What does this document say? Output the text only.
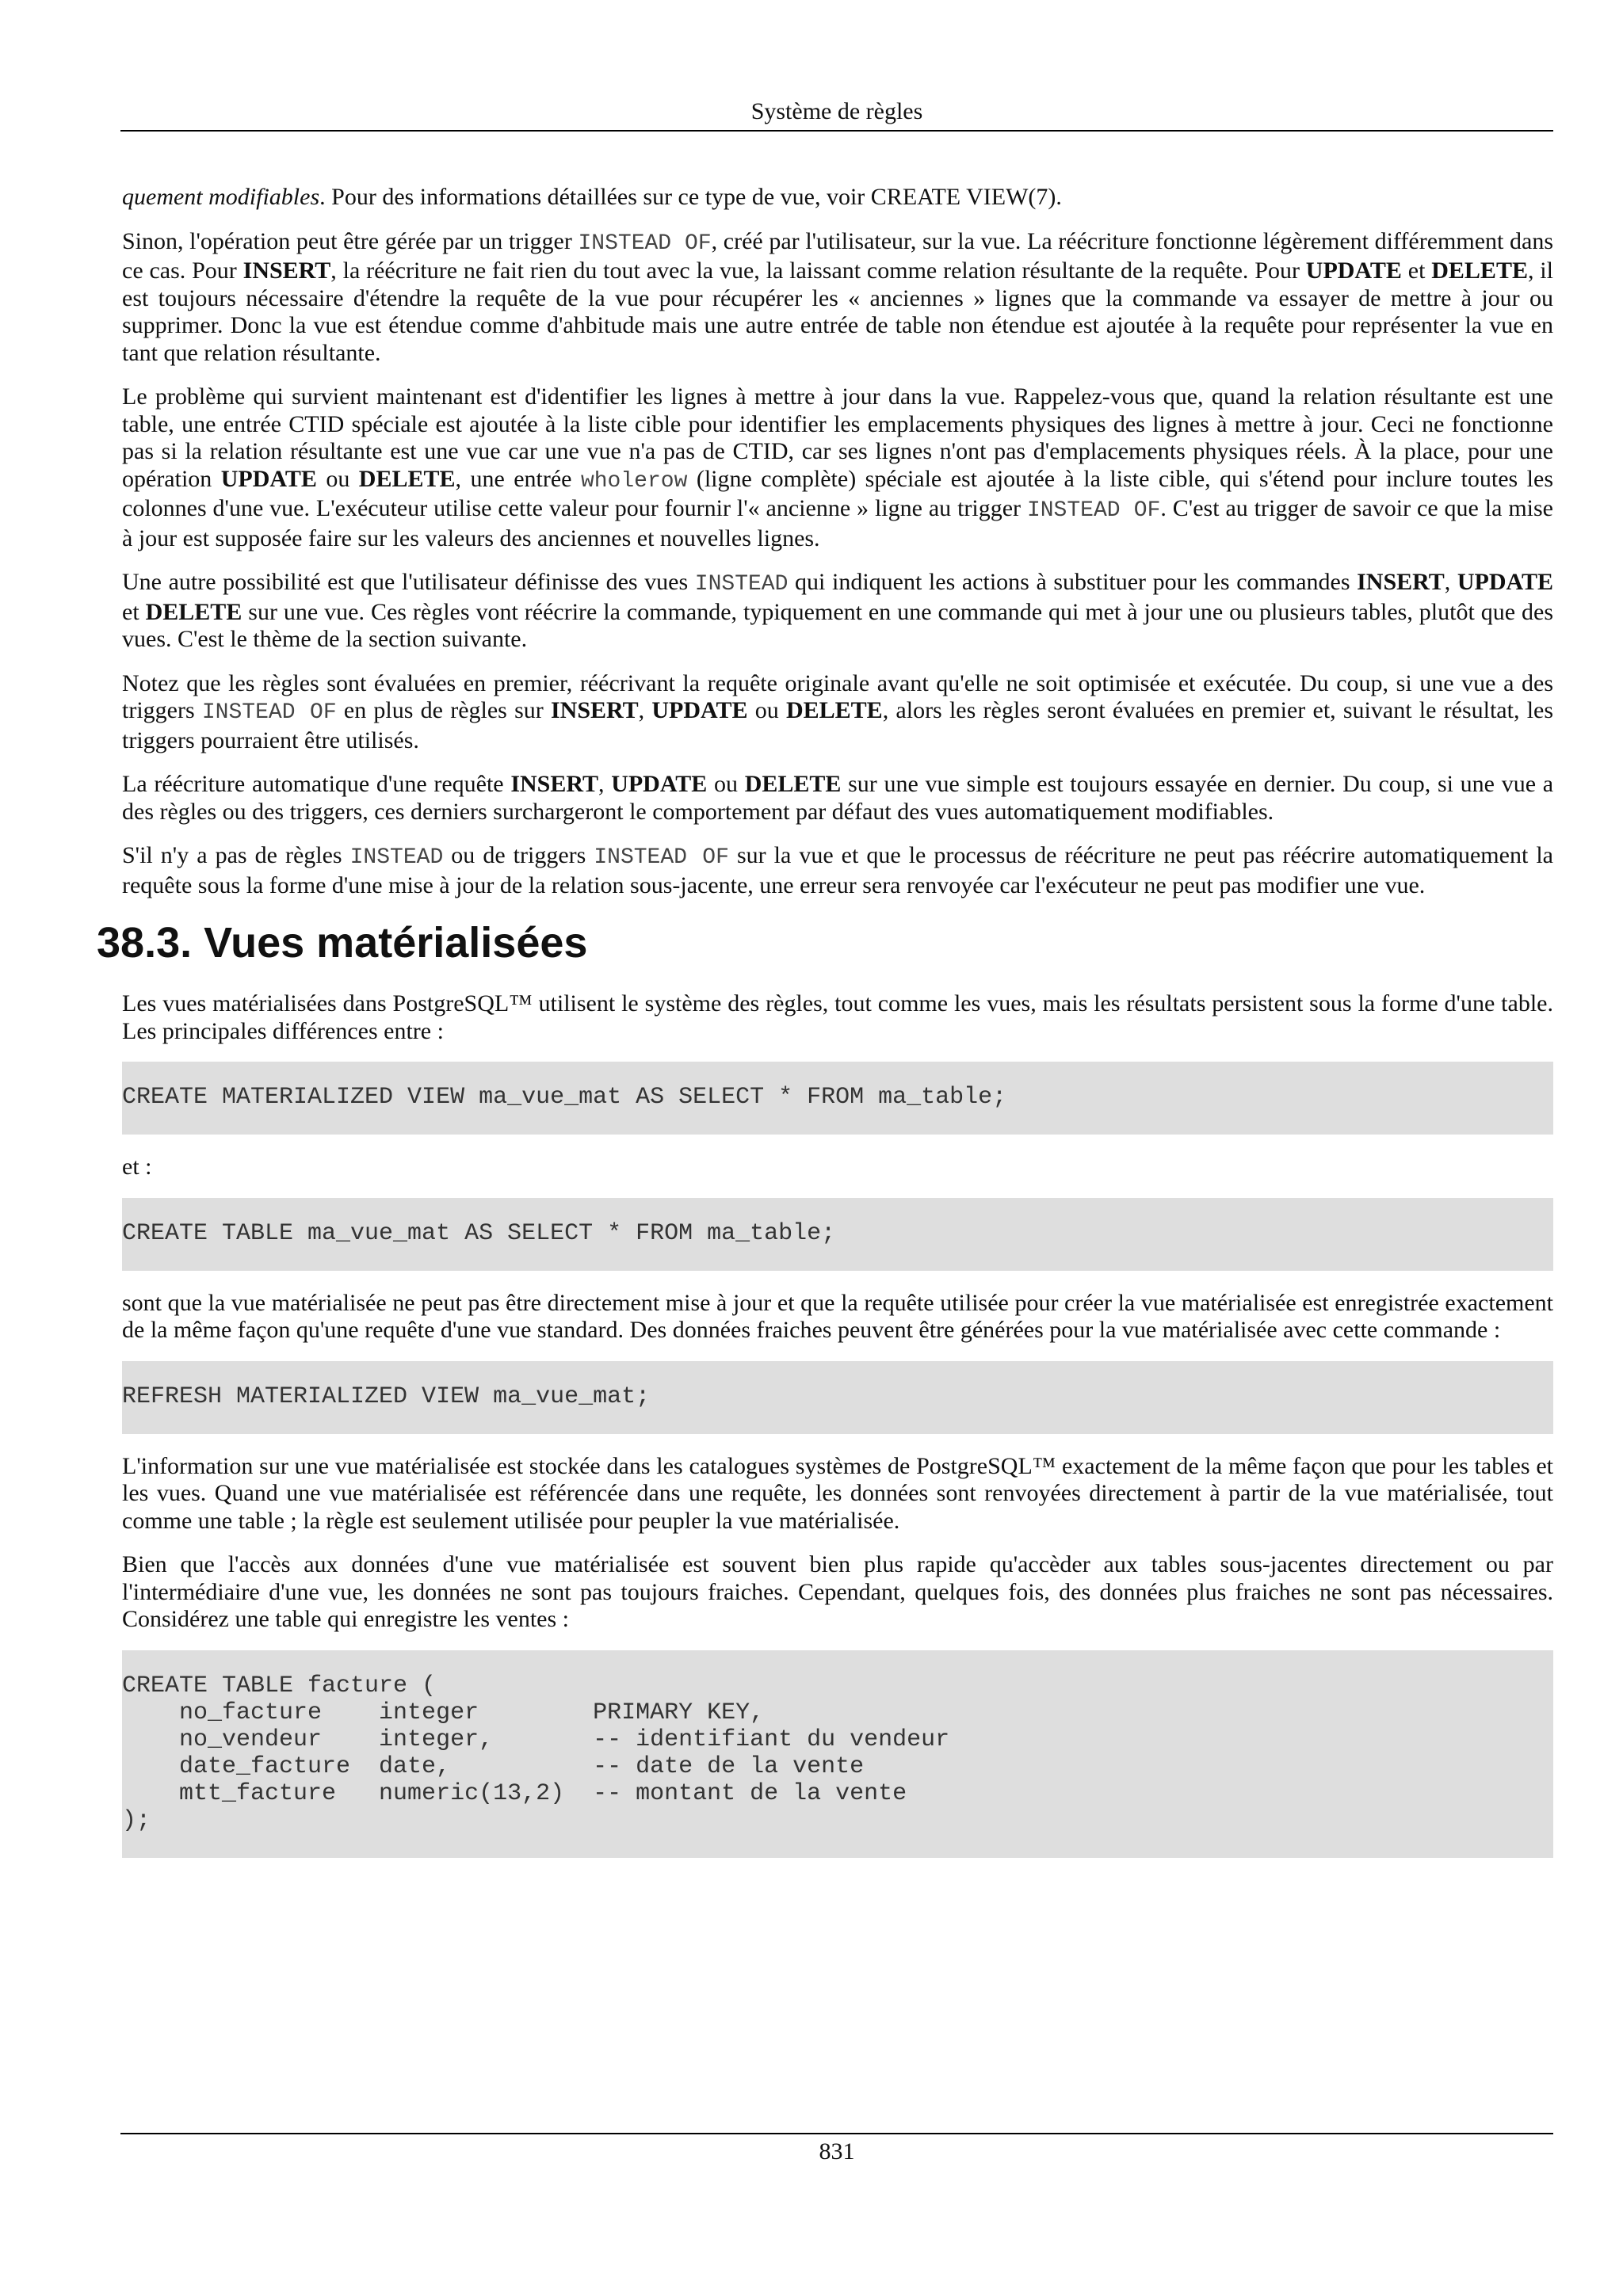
Système de règles

quement modifiables. Pour des informations détaillées sur ce type de vue, voir CREATE VIEW(7).

Sinon, l'opération peut être gérée par un trigger INSTEAD OF, créé par l'utilisateur, sur la vue. La réécriture fonctionne légèrement différemment dans ce cas. Pour INSERT, la réécriture ne fait rien du tout avec la vue, la laissant comme relation résultante de la requête. Pour UPDATE et DELETE, il est toujours nécessaire d'étendre la requête de la vue pour récupérer les « anciennes » lignes que la commande va essayer de mettre à jour ou supprimer. Donc la vue est étendue comme d'ahbitude mais une autre entrée de table non étendue est ajoutée à la requête pour représenter la vue en tant que relation résultante.

Le problème qui survient maintenant est d'identifier les lignes à mettre à jour dans la vue. Rappelez-vous que, quand la relation résultante est une table, une entrée CTID spéciale est ajoutée à la liste cible pour identifier les emplacements physiques des lignes à mettre à jour. Ceci ne fonctionne pas si la relation résultante est une vue car une vue n'a pas de CTID, car ses lignes n'ont pas d'emplacements physiques réels. À la place, pour une opération UPDATE ou DELETE, une entrée wholerow (ligne complète) spéciale est ajoutée à la liste cible, qui s'étend pour inclure toutes les colonnes d'une vue. L'exécuteur utilise cette valeur pour fournir l'« ancienne » ligne au trigger INSTEAD OF. C'est au trigger de savoir ce que la mise à jour est supposée faire sur les valeurs des anciennes et nouvelles lignes.

Une autre possibilité est que l'utilisateur définisse des vues INSTEAD qui indiquent les actions à substituer pour les commandes INSERT, UPDATE et DELETE sur une vue. Ces règles vont réécrire la commande, typiquement en une commande qui met à jour une ou plusieurs tables, plutôt que des vues. C'est le thème de la section suivante.

Notez que les règles sont évaluées en premier, réécrivant la requête originale avant qu'elle ne soit optimisée et exécutée. Du coup, si une vue a des triggers INSTEAD OF en plus de règles sur INSERT, UPDATE ou DELETE, alors les règles seront évaluées en premier et, suivant le résultat, les triggers pourraient être utilisés.

La réécriture automatique d'une requête INSERT, UPDATE ou DELETE sur une vue simple est toujours essayée en dernier. Du coup, si une vue a des règles ou des triggers, ces derniers surchargeront le comportement par défaut des vues automatiquement modifiables.

S'il n'y a pas de règles INSTEAD ou de triggers INSTEAD OF sur la vue et que le processus de réécriture ne peut pas réécrire automatiquement la requête sous la forme d'une mise à jour de la relation sous-jacente, une erreur sera renvoyée car l'exécuteur ne peut pas modifier une vue.

38.3. Vues matérialisées

Les vues matérialisées dans PostgreSQL™ utilisent le système des règles, tout comme les vues, mais les résultats persistent sous la forme d'une table. Les principales différences entre :

CREATE MATERIALIZED VIEW ma_vue_mat AS SELECT * FROM ma_table;

et :

CREATE TABLE ma_vue_mat AS SELECT * FROM ma_table;

sont que la vue matérialisée ne peut pas être directement mise à jour et que la requête utilisée pour créer la vue matérialisée est enregistrée exactement de la même façon qu'une requête d'une vue standard. Des données fraiches peuvent être générées pour la vue matérialisée avec cette commande :

REFRESH MATERIALIZED VIEW ma_vue_mat;

L'information sur une vue matérialisée est stockée dans les catalogues systèmes de PostgreSQL™ exactement de la même façon que pour les tables et les vues. Quand une vue matérialisée est référencée dans une requête, les données sont renvoyées directement à partir de la vue matérialisée, tout comme une table ; la règle est seulement utilisée pour peupler la vue matérialisée.

Bien que l'accès aux données d'une vue matérialisée est souvent bien plus rapide qu'accèder aux tables sous-jacentes directement ou par l'intermédiaire d'une vue, les données ne sont pas toujours fraiches. Cependant, quelques fois, des données plus fraiches ne sont pas nécessaires. Considérez une table qui enregistre les ventes :

CREATE TABLE facture (
no_facture    integer        PRIMARY KEY,
no_vendeur    integer,       -- identifiant du vendeur
date_facture  date,          -- date de la vente
mtt_facture   numeric(13,2)  -- montant de la vente
);
831
